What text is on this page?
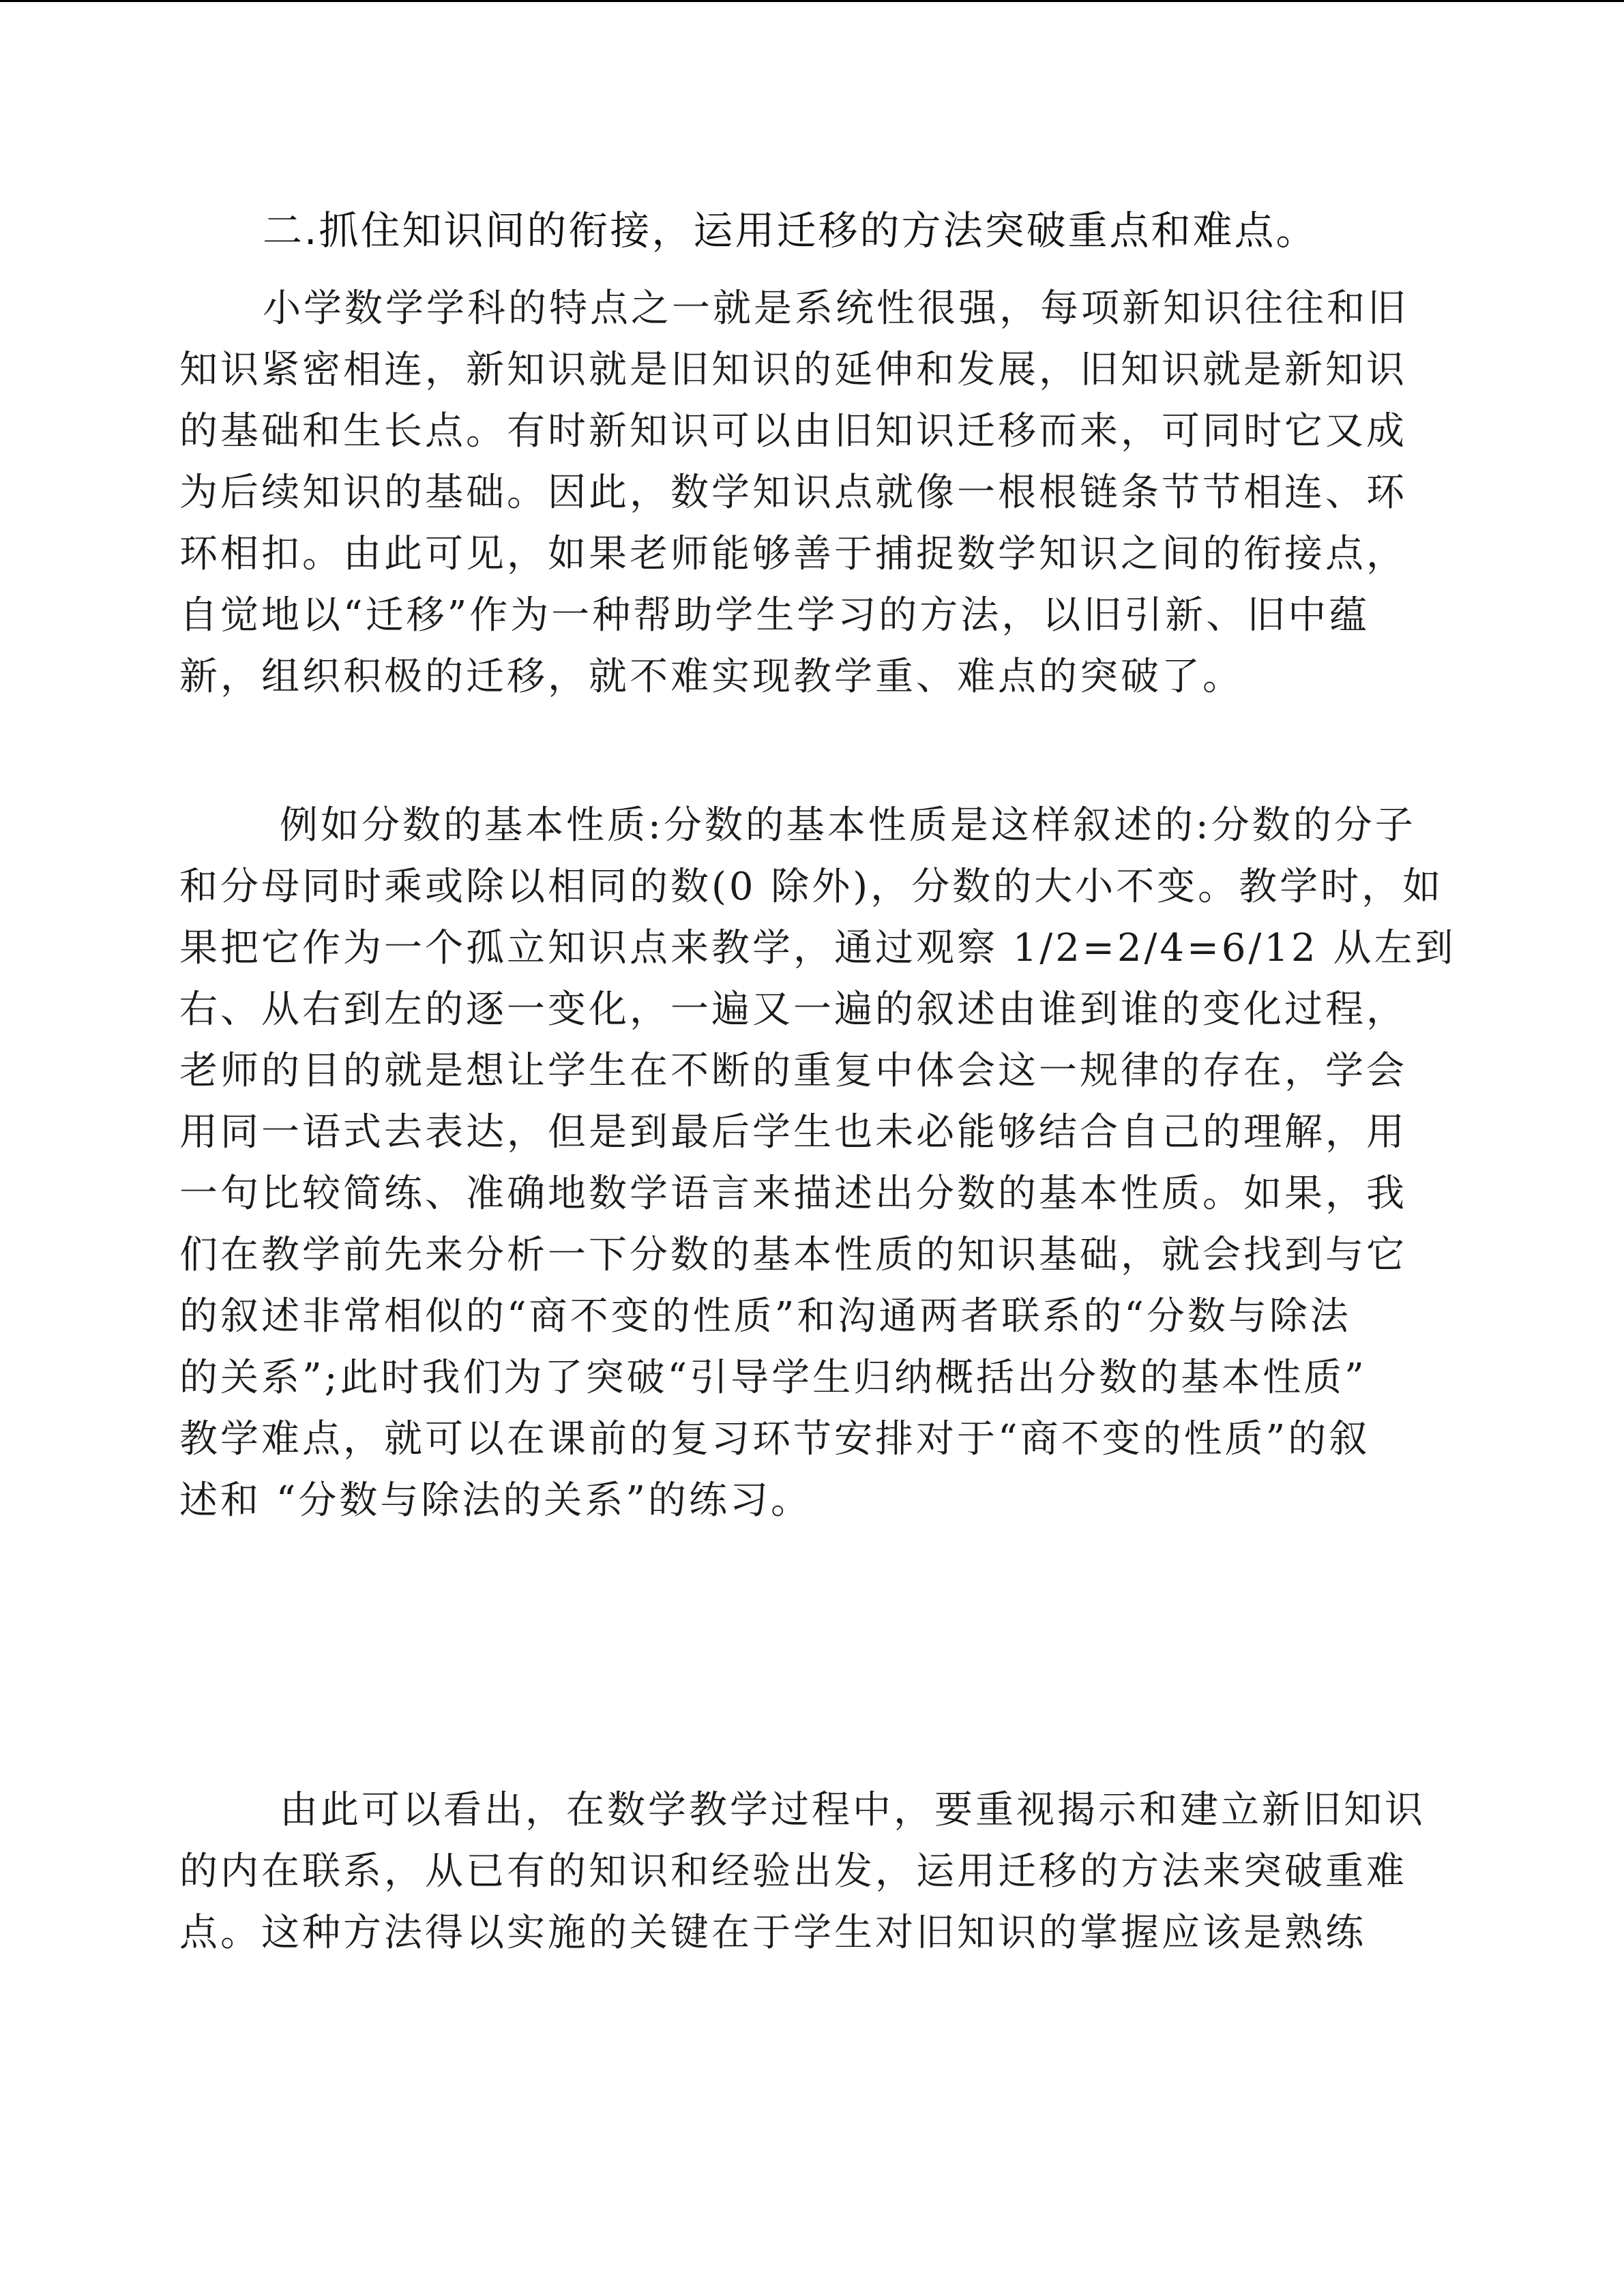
二.抓住知识间的衔接，运用迁移的方法突破重点和难点。
小学数学学科的特点之一就是系统性很强，每项新知识往往和旧
知识紧密相连，新知识就是旧知识的延伸和发展，旧知识就是新知识
的基础和生长点。有时新知识可以由旧知识迁移而来，可同时它又成
为后续知识的基础。因此，数学知识点就像一根根链条节节相连、环
环相扣。由此可见，如果老师能够善于捕捉数学知识之间的衔接点，
自觉地以“迁移”作为一种帮助学生学习的方法，以旧引新、旧中蕴
新，组织积极的迁移，就不难实现教学重、难点的突破了。
例如分数的基本性质:分数的基本性质是这样叙述的:分数的分子
和分母同时乘或除以相同的数(0 除外)，分数的大小不变。教学时，如
果把它作为一个孤立知识点来教学，通过观察 1/2=2/4=6/12 从左到
右、从右到左的逐一变化，一遍又一遍的叙述由谁到谁的变化过程，
老师的目的就是想让学生在不断的重复中体会这一规律的存在，学会
用同一语式去表达，但是到最后学生也未必能够结合自己的理解，用
一句比较简练、准确地数学语言来描述出分数的基本性质。如果，我
们在教学前先来分析一下分数的基本性质的知识基础，就会找到与它
的叙述非常相似的“商不变的性质”和沟通两者联系的“分数与除法
的关系”;此时我们为了突破“引导学生归纳概括出分数的基本性质”
教学难点，就可以在课前的复习环节安排对于“商不变的性质”的叙
述和 “分数与除法的关系”的练习。
由此可以看出，在数学教学过程中，要重视揭示和建立新旧知识
的内在联系，从已有的知识和经验出发，运用迁移的方法来突破重难
点。这种方法得以实施的关键在于学生对旧知识的掌握应该是熟练
